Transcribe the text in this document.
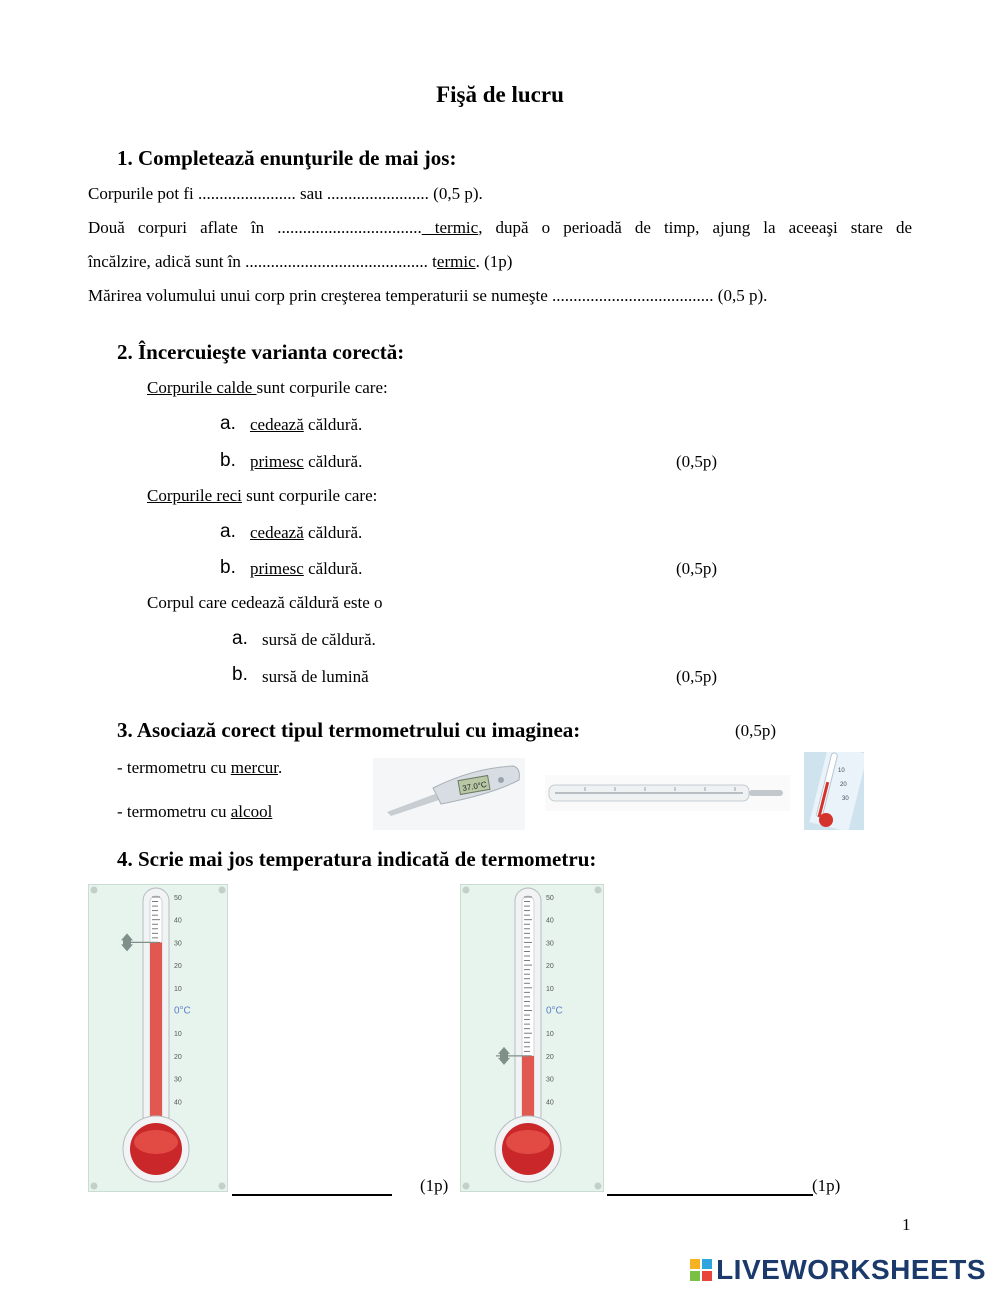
Fişă de lucru
1. Completează enunţurile de mai jos:
Corpurile pot fi ....................... sau ........................ (0,5 p).
Două corpuri aflate în .................................. termic, după o perioadă de timp, ajung la aceeaşi stare de
încălzire, adică sunt în ........................................... termic. (1p)
Mărirea volumului unui corp prin creşterea temperaturii se numeşte ...................................... (0,5 p).
2. Încercuieşte varianta corectă:
Corpurile calde sunt corpurile care:
a. cedează căldură.
b. primesc căldură.	(0,5p)
Corpurile reci sunt corpurile care:
a. cedează căldură.
b. primesc căldură.	(0,5p)
Corpul care cedează căldură este o
a. sursă de căldură.
b. sursă de lumină	(0,5p)
3. Asociază corect tipul termometrului cu imaginea:	(0,5p)
- termometru cu mercur.
- termometru cu alcool
37.0°C
10
20
30
4. Scrie mai jos temperatura indicată de termometru:
50
40
30
20
10
0°C
10
20
30
40
(1p)
50
40
30
20
10
0°C
10
20
30
40
(1p)
1
LIVEWORKSHEETS
